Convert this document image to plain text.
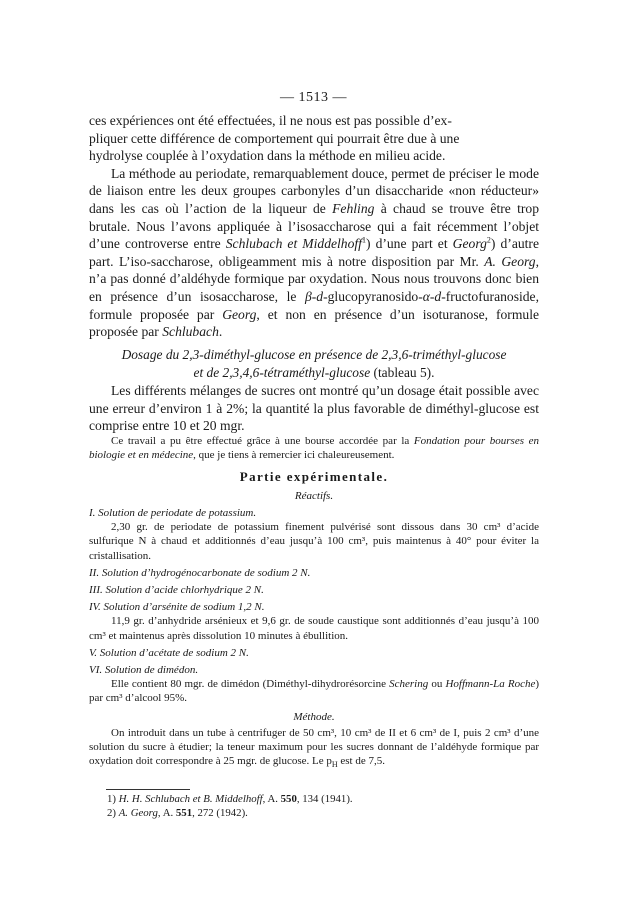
— 1513 —

ces expériences ont été effectuées, il ne nous est pas possible d’ex-

pliquer cette différence de comportement qui pourrait être due à une

hydrolyse couplée à l’oxydation dans la méthode en milieu acide.

La méthode au periodate, remarquablement douce, permet de préciser le mode de liaison entre les deux groupes carbonyles d’un disaccharide «non réducteur» dans les cas où l’action de la liqueur de Fehling à chaud se trouve être trop brutale. Nous l’avons appliquée à l’isosaccharose qui a fait récemment l’objet d’une controverse entre Schlubach et Middelhoff$^1$) d’une part et Georg$^2$) d’autre part. L’iso-saccharose, obligeamment mis à notre disposition par Mr. A. Georg, n’a pas donné d’aldéhyde formique par oxydation. Nous nous trouvons donc bien en présence d’un isosaccharose, le β-d-glucopyranosido-α-d-fructofuranoside, formule proposée par Georg, et non en présence d’un isoturanose, formule proposée par Schlubach.

Dosage du 2,3-diméthyl-glucose en présence de 2,3,6-triméthyl-glucose
et de 2,3,4,6-tétraméthyl-glucose (tableau 5).

Les différents mélanges de sucres ont montré qu’un dosage était possible avec une erreur d’environ 1 à 2%; la quantité la plus favorable de diméthyl-glucose est comprise entre 10 et 20 mgr.

Ce travail a pu être effectué grâce à une bourse accordée par la Fondation pour bourses en biologie et en médecine, que je tiens à remercier ici chaleureusement.

Partie expérimentale.
Réactifs.

I. Solution de periodate de potassium.

2,30 gr. de periodate de potassium finement pulvérisé sont dissous dans 30 cm³ d’acide sulfurique N à chaud et additionnés d’eau jusqu’à 100 cm³, puis maintenus à 40° pour éviter la cristallisation.

II. Solution d’hydrogénocarbonate de sodium 2 N.

III. Solution d’acide chlorhydrique 2 N.

IV. Solution d’arsénite de sodium 1,2 N.

11,9 gr. d’anhydride arsénieux et 9,6 gr. de soude caustique sont additionnés d’eau jusqu’à 100 cm³ et maintenus après dissolution 10 minutes à ébullition.

V. Solution d’acétate de sodium 2 N.

VI. Solution de dimédon.

Elle contient 80 mgr. de dimédon (Diméthyl-dihydrorésorcine Schering ou Hoffmann-La Roche) par cm³ d’alcool 95%.

Méthode.

On introduit dans un tube à centrifuger de 50 cm³, 10 cm³ de II et 6 cm³ de I, puis 2 cm³ d’une solution du sucre à étudier; la teneur maximum pour les sucres donnant de l’aldéhyde formique par oxydation doit correspondre à 25 mgr. de glucose. Le $p_H$ est de 7,5.

1) H. H. Schlubach et B. Middelhoff, A. 550, 134 (1941).

2) A. Georg, A. 551, 272 (1942).
